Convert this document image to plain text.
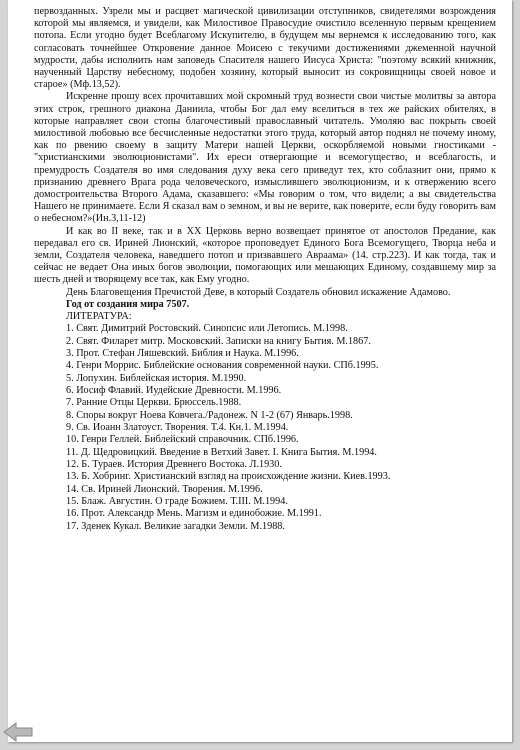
первозданных. Узрели мы и расцвет магической цивилизации отступников, свидетелями возрождения которой мы являемся, и увидели, как Милостивое Правосудие очистило вселенную первым крещением потопа. Если угодно будет Всеблагому Искупителю, в будущем мы вернемся к исследованию того, как согласовать точнейшее Откровение данное Моисею с текучими достижениями джеменной научной мудрости, дабы исполнить нам заповедь Спасителя нашего Иисуса Христа: "поэтому всякий книжник, наученный Царству небесному, подобен хозяину, который выносит из сокровищницы своей новое и старое» (Мф.13,52).

Искренне прошу всех прочитавших мой скромный труд вознести свои чистые молитвы за автора этих строк, грешного диакона Даниила, чтобы Бог дал ему вселиться в тех же райских обителях, в которые направляет свои стопы благочестивый православный читатель. Умоляю вас покрыть своей милостивой любовью все бесчисленные недостатки этого труда, который автор поднял не почему иному, как по рвению своему в защиту Матери нашей Церкви, оскорбляемой новыми гностиками - "христианскими эволюционистами". Их ереси отвергающие и всемогущество, и всеблагость, и премудрость Создателя во имя следования духу века сего приведут тех, кто соблазнит они, прямо к признанию древнего Врага рода человеческого, измыслившего эволюционизм, и к отвержению всего домостроительства Второго Адама, сказавшего: «Мы говорим о том, что видели; а вы свидетельства Нашего не принимаете. Если Я сказал вам о земном, и вы не верите, как поверите, если буду говорить вам о небесном?»(Ин.3,11-12)

И как во II веке, так и в XX Церковь верно возвещает принятое от апостолов Предание, как передавал его св. Ириней Лионский, «которое проповедует Единого Бога Всемогущего, Творца неба и земли, Создателя человека, наведшего потоп и призвавшего Авраама» (14. стр.223). И как тогда, так и сейчас не ведает Она иных богов эволюции, помогающих или мешающих Единому, создавшему мир за шесть дней и творящему все так, как Ему угодно.

День Благовещения Пречистой Деве, в который Создатель обновил искажение Адамово.

Год от создания мира 7507.
ЛИТЕРАТУРА:
1. Свят. Димитрий Ростовский. Синопсис или Летопись. М.1998.
2. Свят. Филарет митр. Московский. Записки на книгу Бытия. М.1867.
3. Прот. Стефан Ляшевский. Библия и Наука. М.1996.
4. Генри Моррис. Библейские основания современной науки. СПб.1995.
5. Лопухин. Библейская история. М.1990.
6. Иосиф Флавий. Иудейские Древности. М.1996.
7. Ранние Отцы Церкви. Брюссель.1988.
8. Споры вокруг Ноева Ковчега./Радонеж. N 1-2 (67) Январь.1998.
9. Св. Иоанн Златоуст. Творения. Т.4. Кн.1. М.1994.
10. Генри Геллей. Библейский справочник. СПб.1996.
11. Д. Щедровицкий. Введение в Ветхий Завет. I. Книга Бытия. М.1994.
12. Б. Тураев. История Древнего Востока. Л.1930.
13. Б. Хобринг. Христианский взгляд на происхождение жизни. Киев.1993.
14. Св. Ириней Лионский. Творения. М.1996.
15. Блаж. Августин. О граде Божием. Т.III. М.1994.
16. Прот. Александр Мень. Магизм и единобожие. М.1991.
17. Зденек Кукал. Великие загадки Земли. М.1988.
